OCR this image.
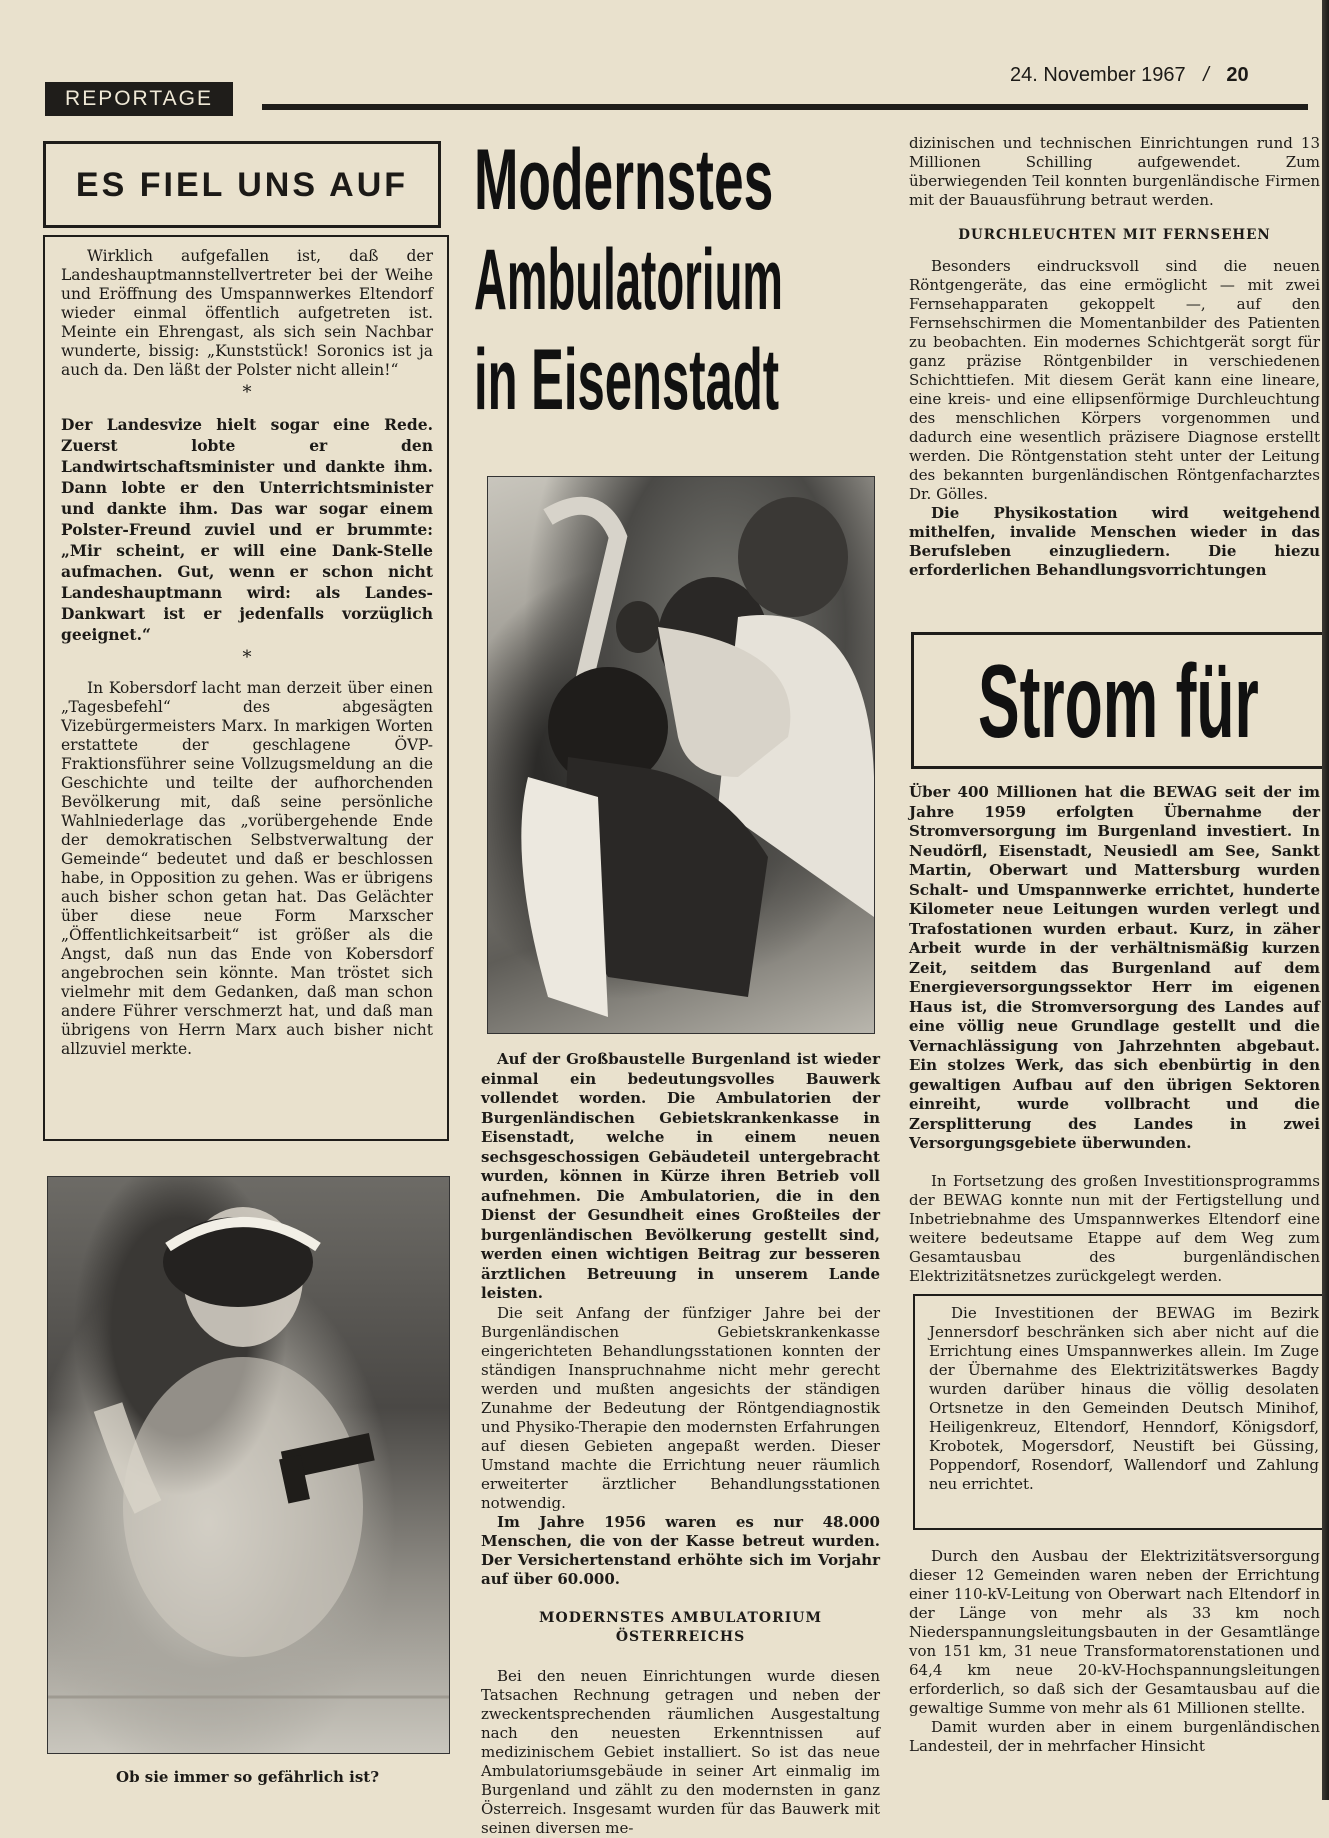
REPORTAGE
24. November 1967 / 20
ES FIEL UNS AUF

Wirklich aufgefallen ist, daß der Landeshauptmannstellvertreter bei der Weihe und Eröffnung des Umspannwerkes Eltendorf wieder einmal öffentlich aufgetreten ist. Meinte ein Ehrengast, als sich sein Nachbar wunderte, bissig: „Kunststück! Soronics ist ja auch da. Den läßt der Polster nicht allein!“

*

Der Landesvize hielt sogar eine Rede. Zuerst lobte er den Landwirtschaftsminister und dankte ihm. Dann lobte er den Unterrichtsminister und dankte ihm. Das war sogar einem Polster-Freund zuviel und er brummte: „Mir scheint, er will eine Dank-Stelle aufmachen. Gut, wenn er schon nicht Landeshauptmann wird: als Landes-Dankwart ist er jedenfalls vorzüglich geeignet.“

*

In Kobersdorf lacht man derzeit über einen „Tagesbefehl“ des abgesägten Vizebürgermeisters Marx. In markigen Worten erstattete der geschlagene ÖVP-Fraktionsführer seine Vollzugsmeldung an die Geschichte und teilte der aufhorchenden Bevölkerung mit, daß seine persönliche Wahlniederlage das „vorübergehende Ende der demokratischen Selbstverwaltung der Gemeinde“ bedeutet und daß er beschlossen habe, in Opposition zu gehen. Was er übrigens auch bisher schon getan hat. Das Gelächter über diese neue Form Marxscher „Öffentlichkeitsarbeit“ ist größer als die Angst, daß nun das Ende von Kobersdorf angebrochen sein könnte. Man tröstet sich vielmehr mit dem Gedanken, daß man schon andere Führer verschmerzt hat, und daß man übrigens von Herrn Marx auch bisher nicht allzuviel merkte.

Ob sie immer so gefährlich ist?
Modernstes
Ambulatorium
in Eisenstadt

Auf der Großbaustelle Burgenland ist wieder einmal ein bedeutungsvolles Bauwerk vollendet worden. Die Ambulatorien der Burgenländischen Gebietskrankenkasse in Eisenstadt, welche in einem neuen sechsgeschossigen Gebäudeteil untergebracht wurden, können in Kürze ihren Betrieb voll aufnehmen. Die Ambulatorien, die in den Dienst der Gesundheit eines Großteiles der burgenländischen Bevölkerung gestellt sind, werden einen wichtigen Beitrag zur besseren ärztlichen Betreuung in unserem Lande leisten.

Die seit Anfang der fünfziger Jahre bei der Burgenländischen Gebietskrankenkasse eingerichteten Behandlungsstationen konnten der ständigen Inanspruchnahme nicht mehr gerecht werden und mußten angesichts der ständigen Zunahme der Bedeutung der Röntgendiagnostik und Physiko-Therapie den modernsten Erfahrungen auf diesen Gebieten angepaßt werden. Dieser Umstand machte die Errichtung neuer räumlich erweiterter ärztlicher Behandlungsstationen notwendig.

Im Jahre 1956 waren es nur 48.000 Menschen, die von der Kasse betreut wurden. Der Versichertenstand erhöhte sich im Vorjahr auf über 60.000.

MODERNSTES AMBULATORIUM ÖSTERREICHS

Bei den neuen Einrichtungen wurde diesen Tatsachen Rechnung getragen und neben der zweckentsprechenden räumlichen Ausgestaltung nach den neuesten Erkenntnissen auf medizinischem Gebiet installiert. So ist das neue Ambulatoriumsgebäude in seiner Art einmalig im Burgenland und zählt zu den modernsten in ganz Österreich. Insgesamt wurden für das Bauwerk mit seinen diversen me-

dizinischen und technischen Einrichtungen rund 13 Millionen Schilling aufgewendet. Zum überwiegenden Teil konnten burgenländische Firmen mit der Bauausführung betraut werden.

DURCHLEUCHTEN MIT FERNSEHEN

Besonders eindrucksvoll sind die neuen Röntgengeräte, das eine ermöglicht — mit zwei Fernsehapparaten gekoppelt —, auf den Fernsehschirmen die Momentanbilder des Patienten zu beobachten. Ein modernes Schichtgerät sorgt für ganz präzise Röntgenbilder in verschiedenen Schichttiefen. Mit diesem Gerät kann eine lineare, eine kreis- und eine ellipsenförmige Durchleuchtung des menschlichen Körpers vorgenommen und dadurch eine wesentlich präzisere Diagnose erstellt werden. Die Röntgenstation steht unter der Leitung des bekannten burgenländischen Röntgenfacharztes Dr. Gölles.

Die Physikostation wird weitgehend mithelfen, invalide Menschen wieder in das Berufsleben einzugliedern. Die hiezu erforderlichen Behandlungsvorrichtungen

Strom für

Über 400 Millionen hat die BEWAG seit der im Jahre 1959 erfolgten Übernahme der Stromversorgung im Burgenland investiert. In Neudörfl, Eisenstadt, Neusiedl am See, Sankt Martin, Oberwart und Mattersburg wurden Schalt- und Umspannwerke errichtet, hunderte Kilometer neue Leitungen wurden verlegt und Trafostationen wurden erbaut. Kurz, in zäher Arbeit wurde in der verhältnismäßig kurzen Zeit, seitdem das Burgenland auf dem Energieversorgungssektor Herr im eigenen Haus ist, die Stromversorgung des Landes auf eine völlig neue Grundlage gestellt und die Vernachlässigung von Jahrzehnten abgebaut. Ein stolzes Werk, das sich ebenbürtig in den gewaltigen Aufbau auf den übrigen Sektoren einreiht, wurde vollbracht und die Zersplitterung des Landes in zwei Versorgungsgebiete überwunden.

In Fortsetzung des großen Investitionsprogramms der BEWAG konnte nun mit der Fertigstellung und Inbetriebnahme des Umspannwerkes Eltendorf eine weitere bedeutsame Etappe auf dem Weg zum Gesamtausbau des burgenländischen Elektrizitätsnetzes zurückgelegt werden.

Die Investitionen der BEWAG im Bezirk Jennersdorf beschränken sich aber nicht auf die Errichtung eines Umspannwerkes allein. Im Zuge der Übernahme des Elektrizitätswerkes Bagdy wurden darüber hinaus die völlig desolaten Ortsnetze in den Gemeinden Deutsch Minihof, Heiligenkreuz, Eltendorf, Henndorf, Königsdorf, Krobotek, Mogersdorf, Neustift bei Güssing, Poppendorf, Rosendorf, Wallendorf und Zahlung neu errichtet.

Durch den Ausbau der Elektrizitätsversorgung dieser 12 Gemeinden waren neben der Errichtung einer 110-kV-Leitung von Oberwart nach Eltendorf in der Länge von mehr als 33 km noch Niederspannungsleitungsbauten in der Gesamtlänge von 151 km, 31 neue Transformatorenstationen und 64,4 km neue 20-kV-Hochspannungsleitungen erforderlich, so daß sich der Gesamtausbau auf die gewaltige Summe von mehr als 61 Millionen stellte.

Damit wurden aber in einem burgenländischen Landesteil, der in mehrfacher Hinsicht
